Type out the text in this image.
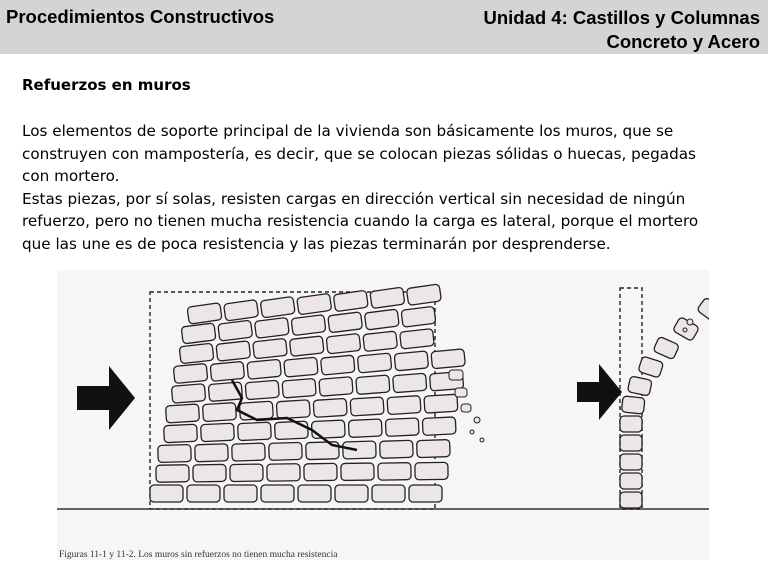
Procedimientos Constructivos	Unidad 4: Castillos y Columnas
Concreto y Acero
Refuerzos en muros

Los elementos de soporte principal de la vivienda son básicamente los muros, que se construyen con mampostería, es decir, que se colocan piezas sólidas o huecas, pegadas con mortero.

Estas piezas, por sí solas, resisten cargas en dirección vertical sin necesidad de ningún refuerzo, pero no tienen mucha resistencia cuando la carga es lateral, porque el mortero que las une es de poca resistencia y las piezas terminarán por desprenderse.

Figuras 11-1 y 11-2. Los muros sin refuerzos no tienen mucha resistencia
